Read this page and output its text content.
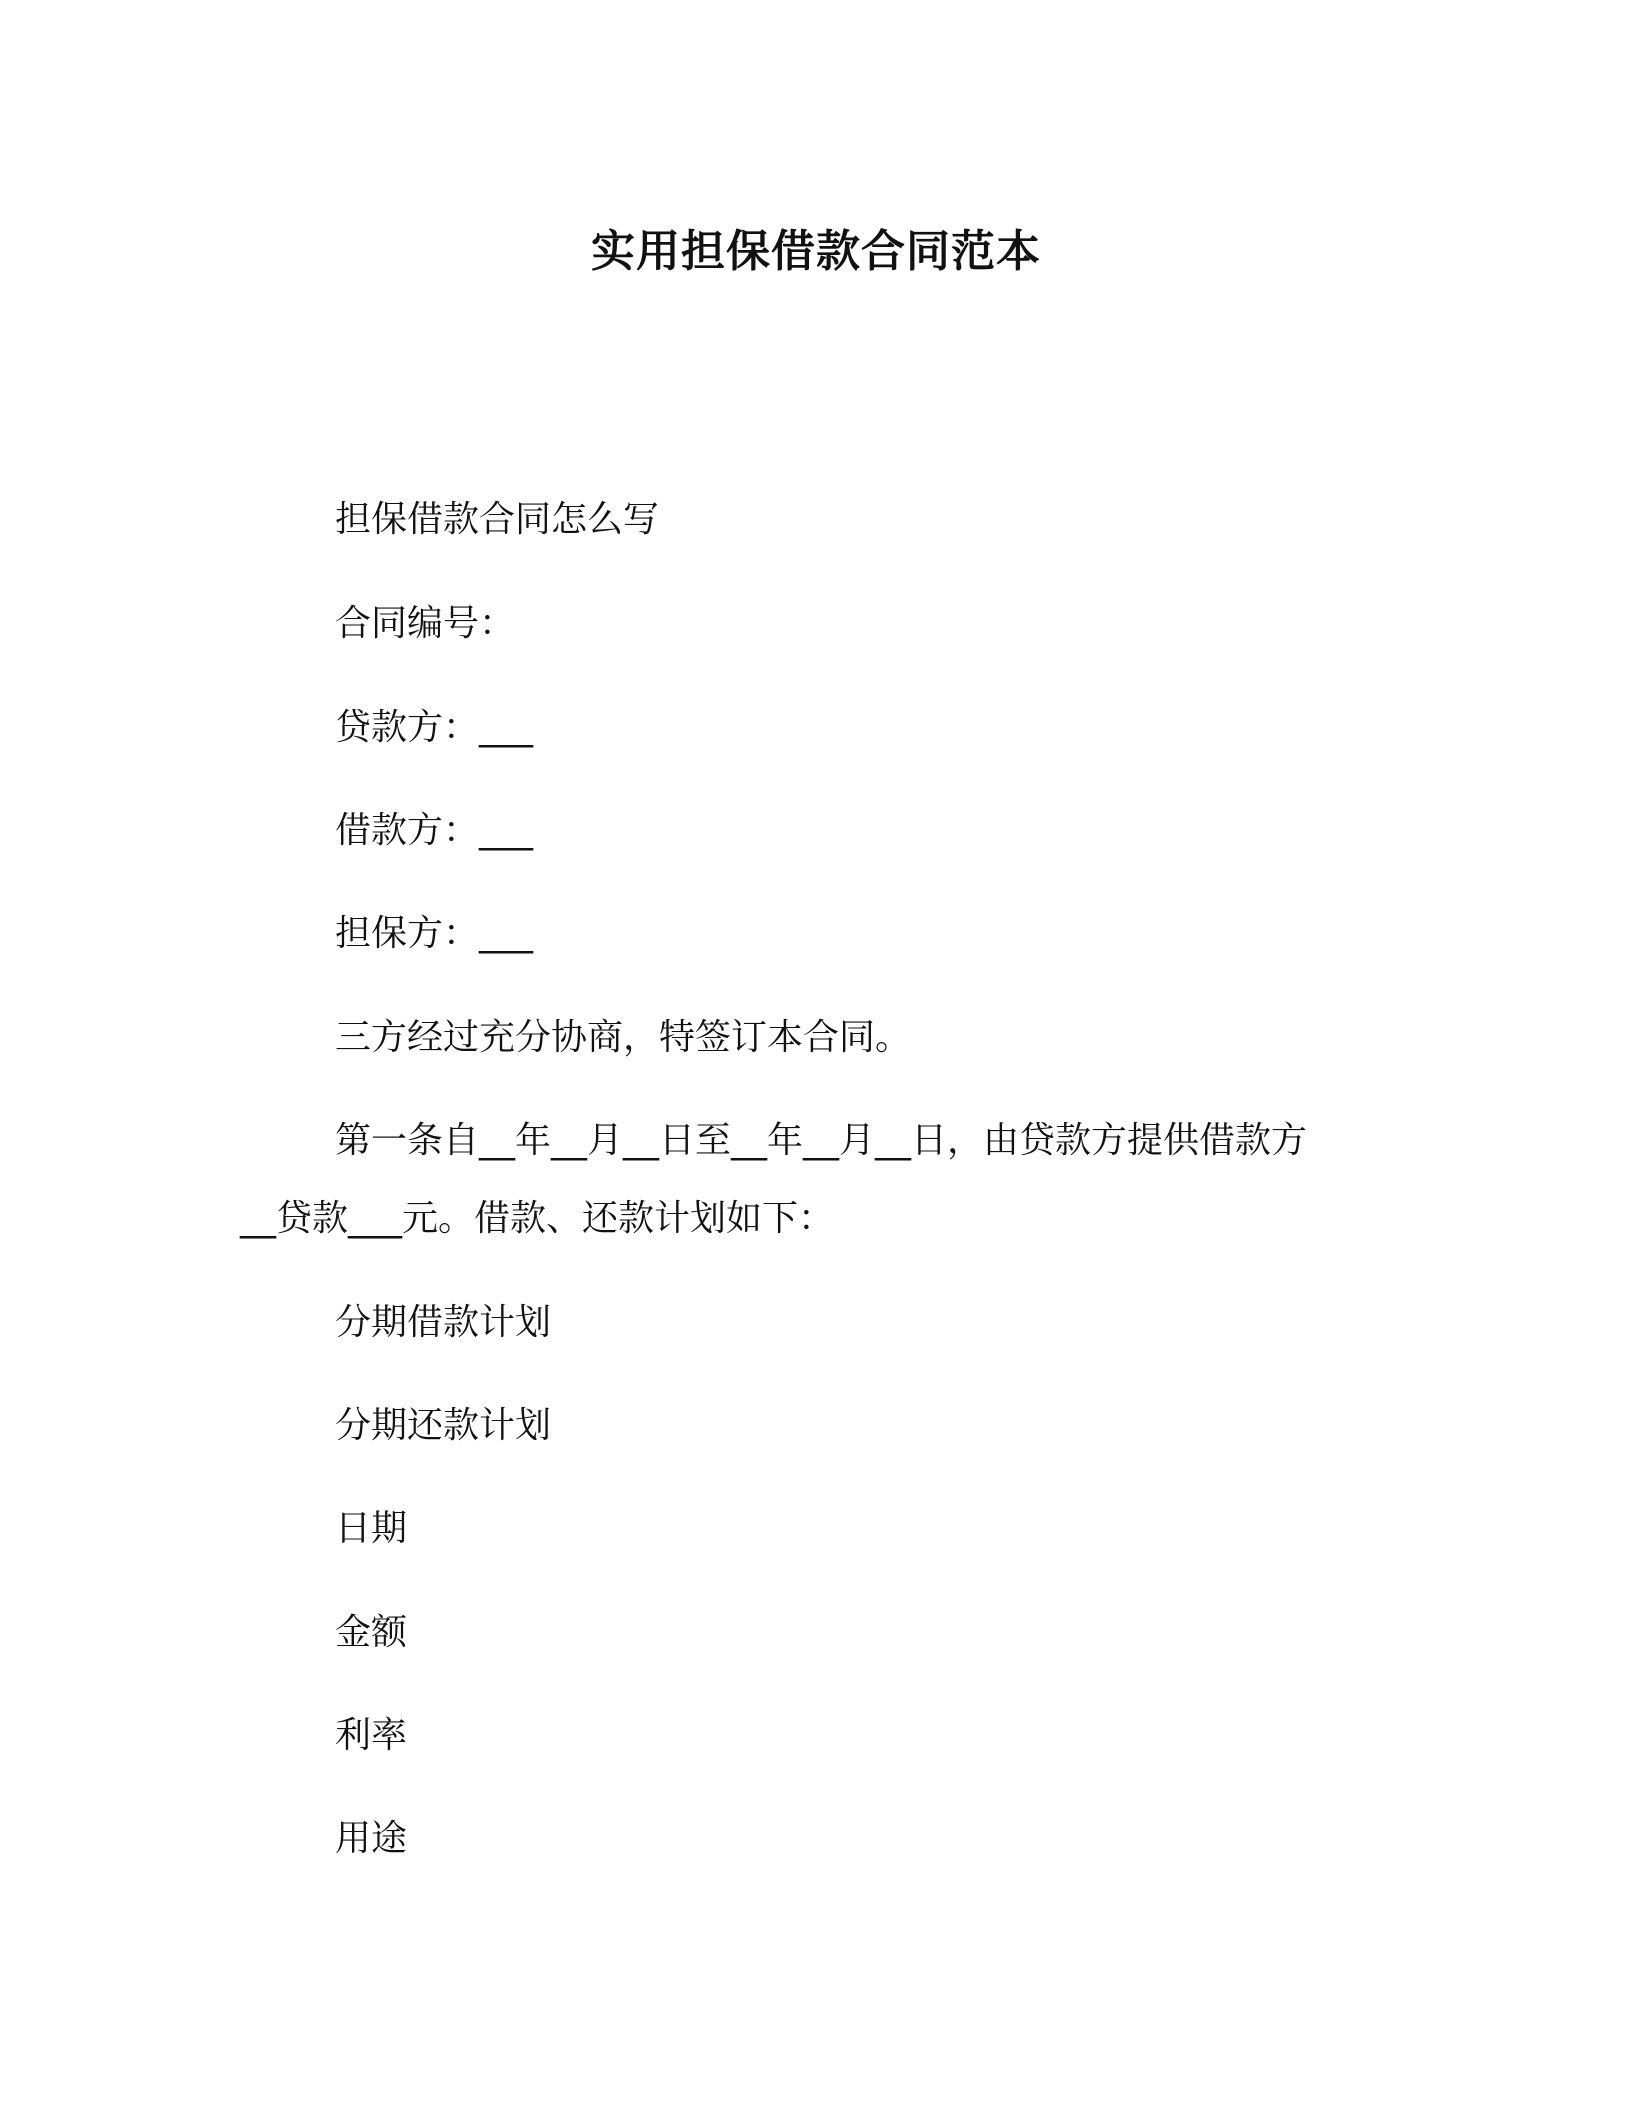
实用担保借款合同范本
担保借款合同怎么写
合同编号：
贷款方：___
借款方：___
担保方：___
三方经过充分协商，特签订本合同。
第一条自__年__月__日至__年__月__日，由贷款方提供借款方
__贷款___元。借款、还款计划如下：
分期借款计划
分期还款计划
日期
金额
利率
用途
